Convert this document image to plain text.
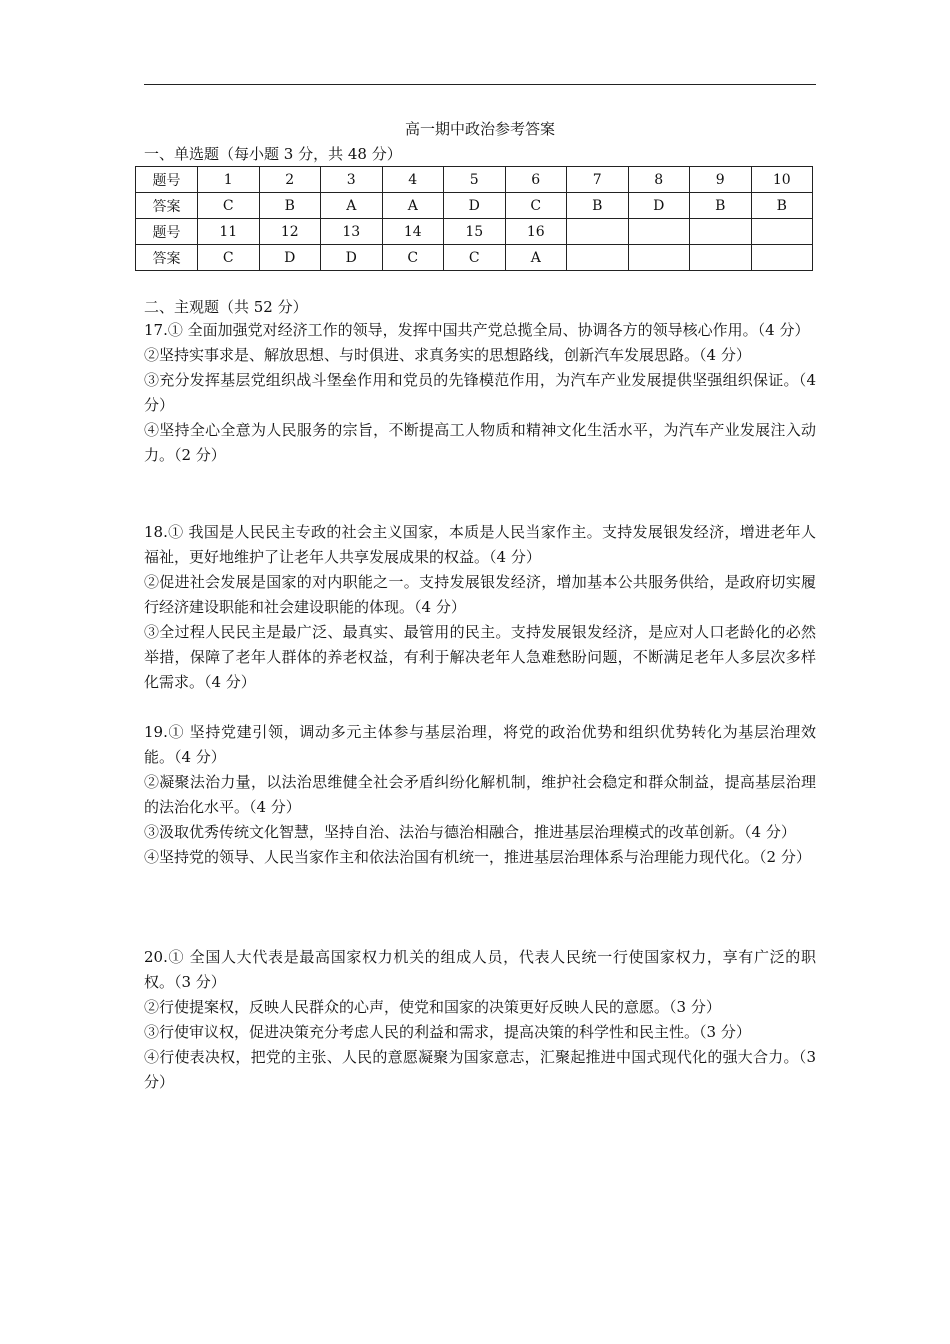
高一期中政治参考答案
一、单选题（每小题 3 分，共 48 分）
题号	1	2	3	4	5	6	7	8	9	10
答案	C	B	A	A	D	C	B	D	B	B
题号	11	12	13	14	15	16				
答案	C	D	D	C	C	A				
二、主观题（共 52 分）

17.① 全面加强党对经济工作的领导，发挥中国共产党总揽全局、协调各方的领导核心作用。（4 分）

②坚持实事求是、解放思想、与时俱进、求真务实的思想路线，创新汽车发展思路。（4 分）

③充分发挥基层党组织战斗堡垒作用和党员的先锋模范作用，为汽车产业发展提供坚强组织保证。（4 分）

④坚持全心全意为人民服务的宗旨，不断提高工人物质和精神文化生活水平，为汽车产业发展注入动力。（2 分）

18.① 我国是人民民主专政的社会主义国家，本质是人民当家作主。支持发展银发经济，增进老年人福祉，更好地维护了让老年人共享发展成果的权益。（4 分）

②促进社会发展是国家的对内职能之一。支持发展银发经济，增加基本公共服务供给，是政府切实履行经济建设职能和社会建设职能的体现。（4 分）

③全过程人民民主是最广泛、最真实、最管用的民主。支持发展银发经济，是应对人口老龄化的必然举措，保障了老年人群体的养老权益，有利于解决老年人急难愁盼问题，不断满足老年人多层次多样化需求。（4 分）

19.① 坚持党建引领，调动多元主体参与基层治理，将党的政治优势和组织优势转化为基层治理效能。（4 分）

②凝聚法治力量，以法治思维健全社会矛盾纠纷化解机制，维护社会稳定和群众制益，提高基层治理的法治化水平。（4 分）

③汲取优秀传统文化智慧，坚持自治、法治与德治相融合，推进基层治理模式的改革创新。（4 分）

④坚持党的领导、人民当家作主和依法治国有机统一，推进基层治理体系与治理能力现代化。（2 分）

20.① 全国人大代表是最高国家权力机关的组成人员，代表人民统一行使国家权力，享有广泛的职权。（3 分）

②行使提案权，反映人民群众的心声，使党和国家的决策更好反映人民的意愿。（3 分）

③行使审议权，促进决策充分考虑人民的利益和需求，提高决策的科学性和民主性。（3 分）

④行使表决权，把党的主张、人民的意愿凝聚为国家意志，汇聚起推进中国式现代化的强大合力。（3 分）
